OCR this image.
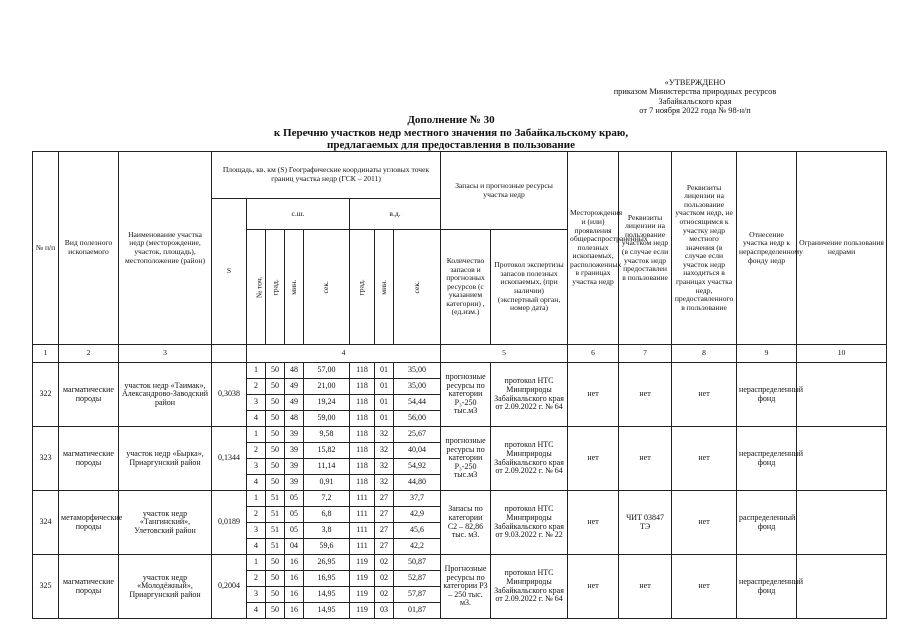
«УТВЕРЖДЕНО
приказом Министерства природных ресурсов
Забайкальского края
от 7 ноября 2022 года № 98-н/п
Дополнение № 30
к Перечню участков недр местного значения по Забайкальскому краю,
предлагаемых для предоставления в пользование
№ п/п	Вид полезного ископаемого	Наименование участка недр (месторождение, участок, площадь), местоположение (район)	Площадь, кв. км (S) Географические координаты угловых точек границ участка недр (ГСК – 2011)								Запасы и прогнозные ресурсы участка недр		Месторождения и (или) проявления общераспространенных полезных ископаемых, расположенных в границах участка недр	Реквизиты лицензии на пользование участком недр (в случае если участок недр предоставлен в пользование	Реквизиты лицензии на пользование участком недр, не относящимся к участку недр местного значения (в случае если участок недр находиться в границах участка недр, предоставленного в пользование	Отнесение участка недр к нераспределенному фонду недр	Ограничение пользования недрами
			S	с.ш.				в.д.									
				№ точ.	град.	мин.	сек.	град.	мин.	сек.	Количество запасов и прогнозных ресурсов (с указанием категории) , (ед.изм.)	Протокол экспертизы запасов полезных ископаемых, (при наличии) (экспертный орган, номер дата)					
1	2	3		4							5		6	7	8	9	10
322	магматические породы	участок недр «Таимак», Александрово-Заводский район	0,3038	1	50	48	57,00	118	01	35,00	прогнозные ресурсы по категории P₃-250 тыс.м3	протокол НТС Минприроды Забайкальского края от 2.09.2022 г. № 64	нет	нет	нет	нераспределенный фонд	
				2	50	49	21,00	118	01	35,00							
				3	50	49	19,24	118	01	54,44							
				4	50	48	59,00	118	01	56,00							
323	магматические породы	участок недр «Бырка», Приаргунский район	0,1344	1	50	39	9,58	118	32	25,67	прогнозные ресурсы по категории P₃-250 тыс.м3	протокол НТС Минприроды Забайкальского края от 2.09.2022 г. № 64	нет	нет	нет	нераспределенный фонд	
				2	50	39	15,82	118	32	40,04							
				3	50	39	11,14	118	32	54,92							
				4	50	39	0,91	118	32	44,80							
324	метаморфические породы	участок недр «Тангинский», Улетовский район	0,0189	1	51	05	7,2	111	27	37,7	Запасы по категории С2 – 82,86 тыс. м3.	протокол НТС Минприроды Забайкальского края от 9.03.2022 г. № 22	нет	ЧИТ 03847 ТЭ	нет	распределенный фонд	
				2	51	05	6,8	111	27	42,9							
				3	51	05	3,8	111	27	45,6							
				4	51	04	59,6	111	27	42,2							
325	магматические породы	участок недр «Молодёжный», Приаргунский район	0,2004	1	50	16	26,95	119	02	50,87	Прогнозные ресурсы по категории P3 – 250 тыс. м3.	протокол НТС Минприроды Забайкальского края от 2.09.2022 г. № 64	нет	нет	нет	нераспределенный фонд	
				2	50	16	16,95	119	02	52,87							
				3	50	16	14,95	119	02	57,87							
				4	50	16	14,95	119	03	01,87							
